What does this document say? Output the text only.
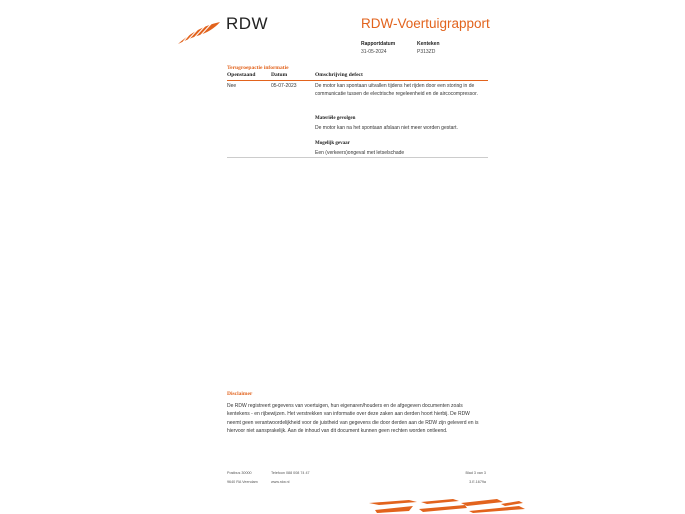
RDW	RDW-Voertuigrapport
Rapportdatum
31-05-2024
Kenteken
P313ZD
Terugroepactie informatie
Openstaand	Datum	Omschrijving defect
Nee	05-07-2023	De motor kan spontaan uitvallen tijdens het rijden door een storing in de communicatie tussen de electrische regeleenheid en de aircocompressor.
Materiële gevolgen
De motor kan na het spontaan afslaan niet meer worden gestart.
Mogelijk gevaar
Een (verkeers)ongeval met letselschade
Disclaimer
De RDW registreert gegevens van voertuigen, hun eigenaren/houders en de afgegeven documenten zoals kentekens - en rijbewijzen. Het verstrekken van informatie over deze zaken aan derden hoort hierbij. De RDW neemt geen verantwoordelijkheid voor de juistheid van gegevens die door derden aan de RDW zijn geleverd en is hiervoor niet aansprakelijk. Aan de inhoud van dit document kunnen geen rechten worden ontleend.
Postbus 30000
9640 RA Veendam
Telefoon 088 008 74 47
www.rdw.nl
Blad 3 van 3
3.E.1679a
